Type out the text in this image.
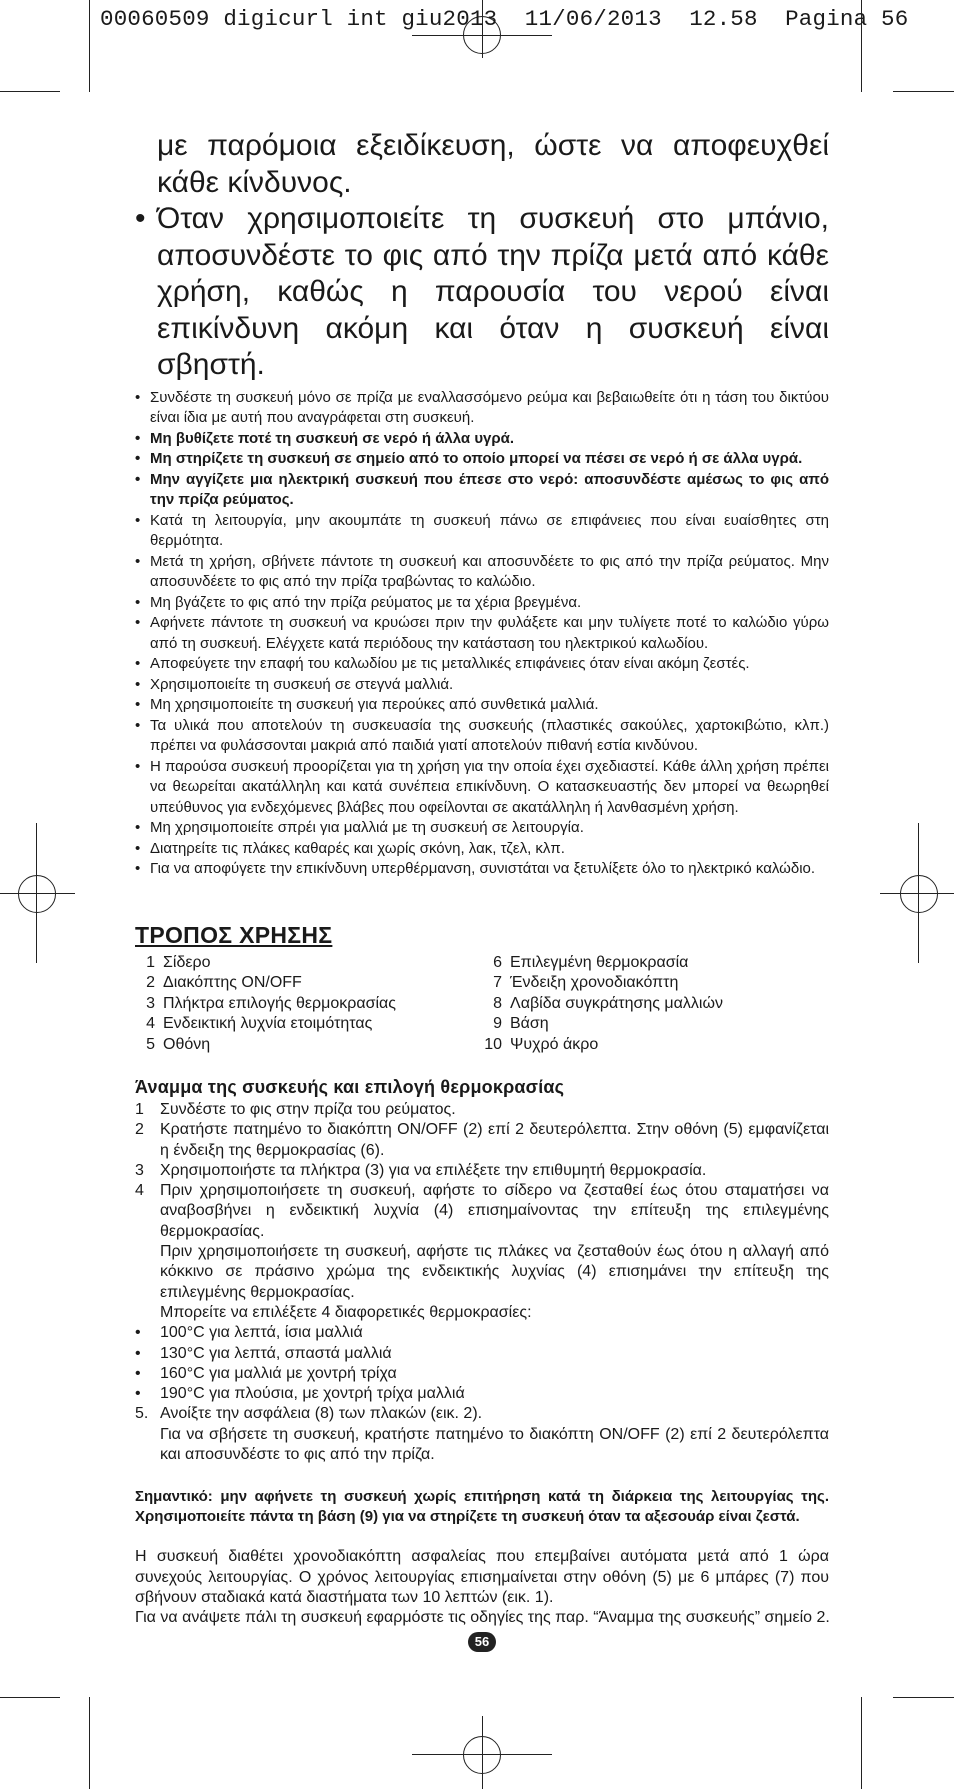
00060509 digicurl int giu2013  11/06/2013  12.58  Pagina 56

με παρόμοια εξειδίκευση, ώστε να αποφευχθεί κάθε κίνδυνος.

• Όταν χρησιμοποιείτε τη συσκευή στο μπάνιο, αποσυνδέστε το φις από την πρίζα μετά από κάθε χρήση, καθώς η παρουσία του νερού είναι επικίνδυνη ακόμη και όταν η συσκευή είναι σβηστή.

• Συνδέστε τη συσκευή μόνο σε πρίζα με εναλλασσόμενο ρεύμα και βεβαιωθείτε ότι η τάση του δικτύου είναι ίδια με αυτή που αναγράφεται στη συσκευή.
• Μη βυθίζετε ποτέ τη συσκευή σε νερό ή άλλα υγρά.
• Μη στηρίζετε τη συσκευή σε σημείο από το οποίο μπορεί να πέσει σε νερό ή σε άλλα υγρά.
• Μην αγγίζετε μια ηλεκτρική συσκευή που έπεσε στο νερό: αποσυνδέστε αμέσως το φις από την πρίζα ρεύματος.
• Κατά τη λειτουργία, μην ακουμπάτε τη συσκευή πάνω σε επιφάνειες που είναι ευαίσθητες στη θερμότητα.
• Μετά τη χρήση, σβήνετε πάντοτε τη συσκευή και αποσυνδέετε το φις από την πρίζα ρεύματος. Μην αποσυνδέετε το φις από την πρίζα τραβώντας το καλώδιο.
• Μη βγάζετε το φις από την πρίζα ρεύματος με τα χέρια βρεγμένα.
• Αφήνετε πάντοτε τη συσκευή να κρυώσει πριν την φυλάξετε και μην τυλίγετε ποτέ το καλώδιο γύρω από τη συσκευή. Ελέγχετε κατά περιόδους την κατάσταση του ηλεκτρικού καλωδίου.
• Αποφεύγετε την επαφή του καλωδίου με τις μεταλλικές επιφάνειες όταν είναι ακόμη ζεστές.
• Χρησιμοποιείτε τη συσκευή σε στεγνά μαλλιά.
• Μη χρησιμοποιείτε τη συσκευή για περούκες από συνθετικά μαλλιά.
• Τα υλικά που αποτελούν τη συσκευασία της συσκευής (πλαστικές σακούλες, χαρτοκιβώτιο, κλπ.) πρέπει να φυλάσσονται μακριά από παιδιά γιατί αποτελούν πιθανή εστία κινδύνου.
• Η παρούσα συσκευή προορίζεται για τη χρήση για την οποία έχει σχεδιαστεί. Κάθε άλλη χρήση πρέπει να θεωρείται ακατάλληλη και κατά συνέπεια επικίνδυνη. Ο κατασκευαστής δεν μπορεί να θεωρηθεί υπεύθυνος για ενδεχόμενες βλάβες που οφείλονται σε ακατάλληλη ή λανθασμένη χρήση.
• Μη χρησιμοποιείτε σπρέι για μαλλιά με τη συσκευή σε λειτουργία.
• Διατηρείτε τις πλάκες καθαρές και χωρίς σκόνη, λακ, τζελ, κλπ.
• Για να αποφύγετε την επικίνδυνη υπερθέρμανση, συνιστάται να ξετυλίξετε όλο το ηλεκτρικό καλώδιο.
ΤΡΟΠΟΣ ΧΡΗΣΗΣ
1 Σίδερο
2 Διακόπτης ON/OFF
3 Πλήκτρα επιλογής θερμοκρασίας
4 Ενδεικτική λυχνία ετοιμότητας
5 Οθόνη
6 Επιλεγμένη θερμοκρασία
7 Ένδειξη χρονοδιακόπτη
8 Λαβίδα συγκράτησης μαλλιών
9 Βάση
10 Ψυχρό άκρο
Άναμμα της συσκευής και επιλογή θερμοκρασίας
1	Συνδέστε το φις στην πρίζα του ρεύματος.
2	Κρατήστε πατημένο το διακόπτη ON/OFF (2) επί 2 δευτερόλεπτα. Στην οθόνη (5) εμφανίζεται η ένδειξη της θερμοκρασίας (6).
3	Χρησιμοποιήστε τα πλήκτρα (3) για να επιλέξετε την επιθυμητή θερμοκρασία.
4	Πριν χρησιμοποιήσετε τη συσκευή, αφήστε το σίδερο να ζεσταθεί έως ότου σταματήσει να αναβοσβήνει η ενδεικτική λυχνία (4) επισημαίνοντας την επίτευξη της επιλεγμένης θερμοκρασίας.
Πριν χρησιμοποιήσετε τη συσκευή, αφήστε τις πλάκες να ζεσταθούν έως ότου η αλλαγή από κόκκινο σε πράσινο χρώμα της ενδεικτικής λυχνίας (4) επισημάνει την επίτευξη της επιλεγμένης θερμοκρασίας.
Μπορείτε να επιλέξετε 4 διαφορετικές θερμοκρασίες:
•	100°C για λεπτά, ίσια μαλλιά
•	130°C για λεπτά, σπαστά μαλλιά
•	160°C για μαλλιά με χοντρή τρίχα
•	190°C για πλούσια, με χοντρή τρίχα μαλλιά
5. Ανοίξτε την ασφάλεια (8) των πλακών (εικ. 2).
Για να σβήσετε τη συσκευή, κρατήστε πατημένο το διακόπτη ON/OFF (2) επί 2 δευτερόλεπτα και αποσυνδέστε το φις από την πρίζα.

Σημαντικό: μην αφήνετε τη συσκευή χωρίς επιτήρηση κατά τη διάρκεια της λειτουργίας της. Χρησιμοποιείτε πάντα τη βάση (9) για να στηρίζετε τη συσκευή όταν τα αξεσουάρ είναι ζεστά.

Η συσκευή διαθέτει χρονοδιακόπτη ασφαλείας που επεμβαίνει αυτόματα μετά από 1 ώρα συνεχούς λειτουργίας. Ο χρόνος λειτουργίας επισημαίνεται στην οθόνη (5) με 6 μπάρες (7) που σβήνουν σταδιακά κατά διαστήματα των 10 λεπτών (εικ. 1).

Για να ανάψετε πάλι τη συσκευή εφαρμόστε τις οδηγίες της παρ. “Άναμμα της συσκευής” σημείο 2.

56
